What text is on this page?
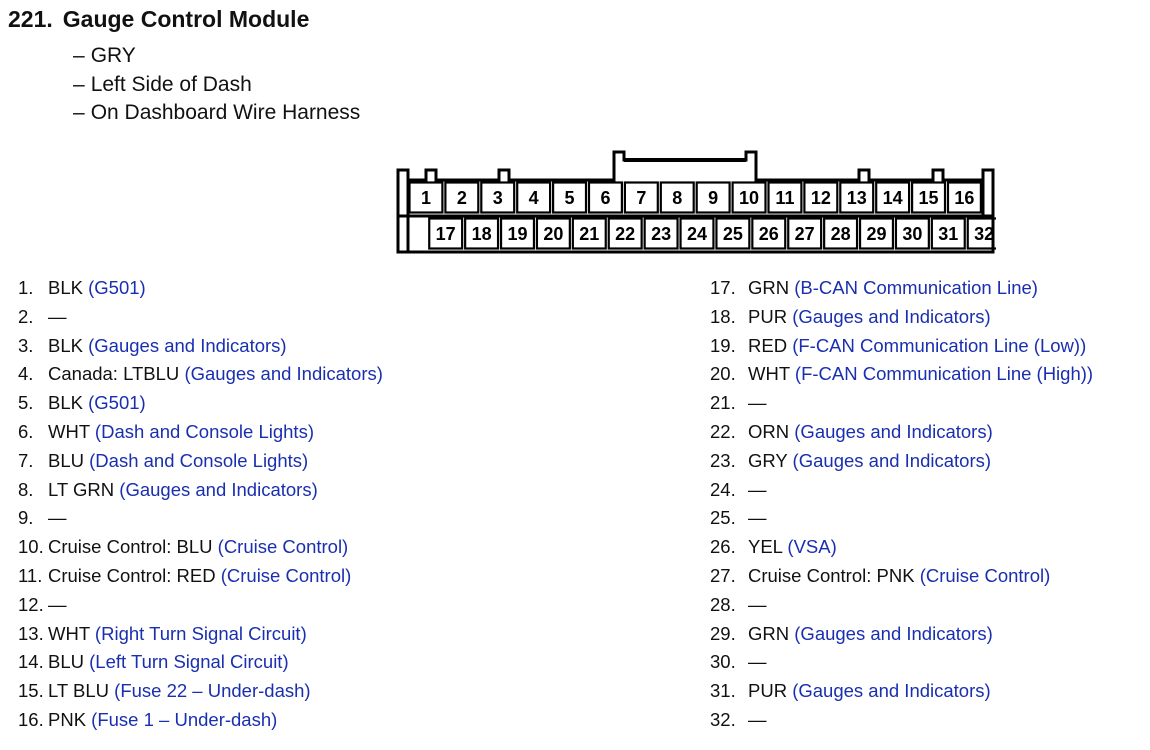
221. Gauge Control Module
– GRY
– Left Side of Dash
– On Dashboard Wire Harness
1 2 3 4 5 6 7 8 9 10 11 12 13 14 15 16
17 18 19 20 21 22 23 24 25 26 27 28 29 30 31 32
1. BLK (G501)
2. —
3. BLK (Gauges and Indicators)
4. Canada: LTBLU (Gauges and Indicators)
5. BLK (G501)
6. WHT (Dash and Console Lights)
7. BLU (Dash and Console Lights)
8. LT GRN (Gauges and Indicators)
9. —
10. Cruise Control: BLU (Cruise Control)
11. Cruise Control: RED (Cruise Control)
12. —
13. WHT (Right Turn Signal Circuit)
14. BLU (Left Turn Signal Circuit)
15. LT BLU (Fuse 22 – Under-dash)
16. PNK (Fuse 1 – Under-dash)
17. GRN (B-CAN Communication Line)
18. PUR (Gauges and Indicators)
19. RED (F-CAN Communication Line (Low))
20. WHT (F-CAN Communication Line (High))
21. —
22. ORN (Gauges and Indicators)
23. GRY (Gauges and Indicators)
24. —
25. —
26. YEL (VSA)
27. Cruise Control: PNK (Cruise Control)
28. —
29. GRN (Gauges and Indicators)
30. —
31. PUR (Gauges and Indicators)
32. —
